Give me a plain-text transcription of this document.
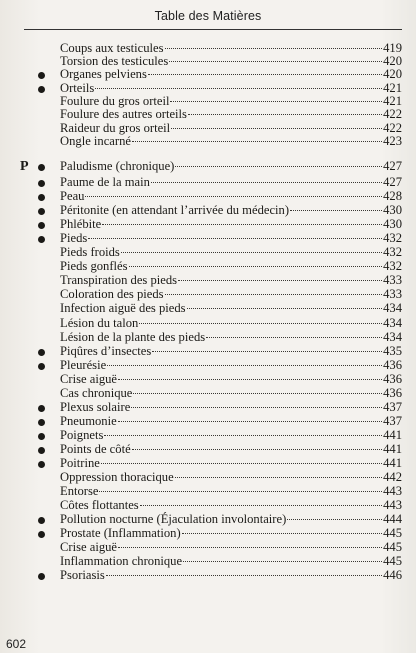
Table des Matières
Coups aux testicules	419
Torsion des testicules	420
Organes pelviens	420
Orteils	421
Foulure du gros orteil	421
Foulure des autres orteils	422
Raideur du gros orteil	422
Ongle incarné	423
P Paludisme (chronique)	427
Paume de la main	427
Peau	428
Péritonite (en attendant l’arrivée du médecin)	430
Phlébite	430
Pieds	432
Pieds froids	432
Pieds gonflés	432
Transpiration des pieds	433
Coloration des pieds	433
Infection aiguë des pieds	434
Lésion du talon	434
Lésion de la plante des pieds	434
Piqûres d’insectes	435
Pleurésie	436
Crise aiguë	436
Cas chronique	436
Plexus solaire	437
Pneumonie	437
Poignets	441
Points de côté	441
Poitrine	441
Oppression thoracique	442
Entorse	443
Côtes flottantes	443
Pollution nocturne (Éjaculation involontaire)	444
Prostate (Inflammation)	445
Crise aiguë	445
Inflammation chronique	445
Psoriasis	446
602
